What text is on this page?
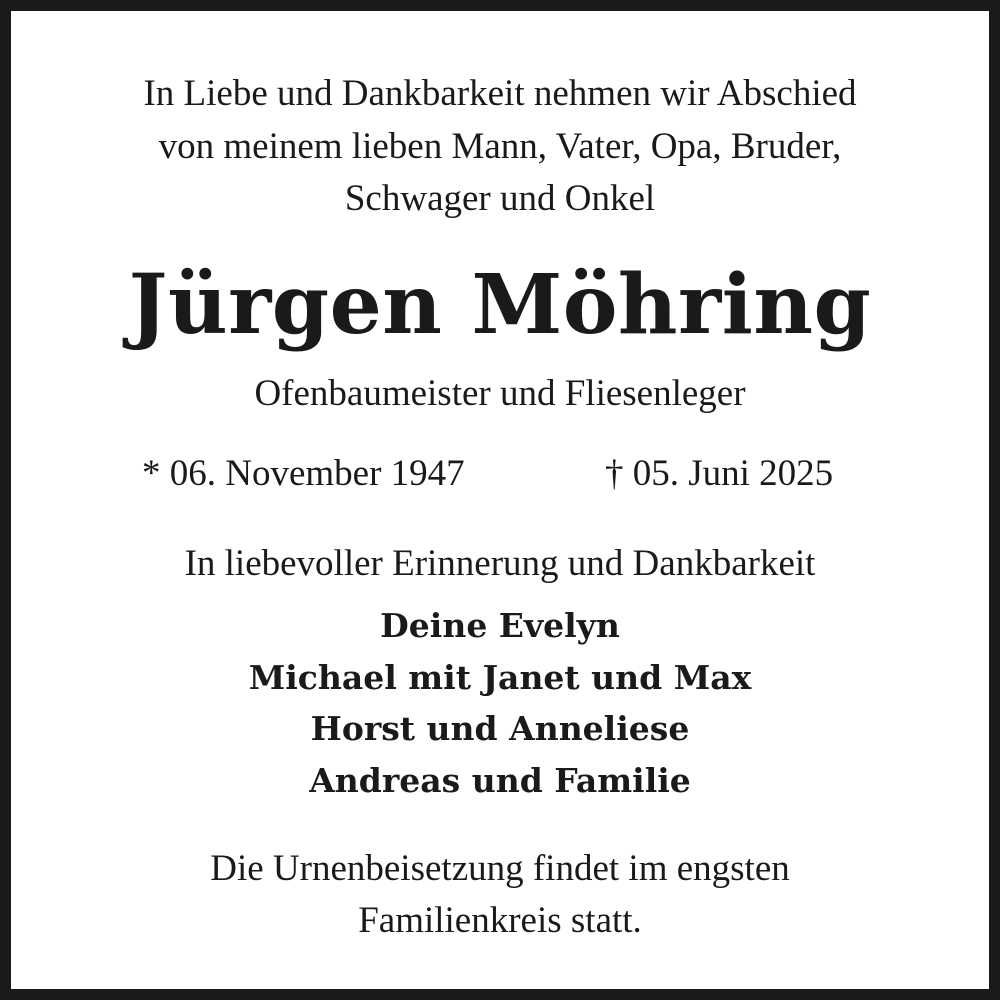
In Liebe und Dankbarkeit nehmen wir Abschied

von meinem lieben Mann, Vater, Opa, Bruder,

Schwager und Onkel

Jürgen Möhring

Ofenbaumeister und Fliesenleger

* 06. November 1947	† 05. Juni 2025

In liebevoller Erinnerung und Dankbarkeit

Deine Evelyn

Michael mit Janet und Max

Horst und Anneliese

Andreas und Familie

Die Urnenbeisetzung findet im engsten

Familienkreis statt.
